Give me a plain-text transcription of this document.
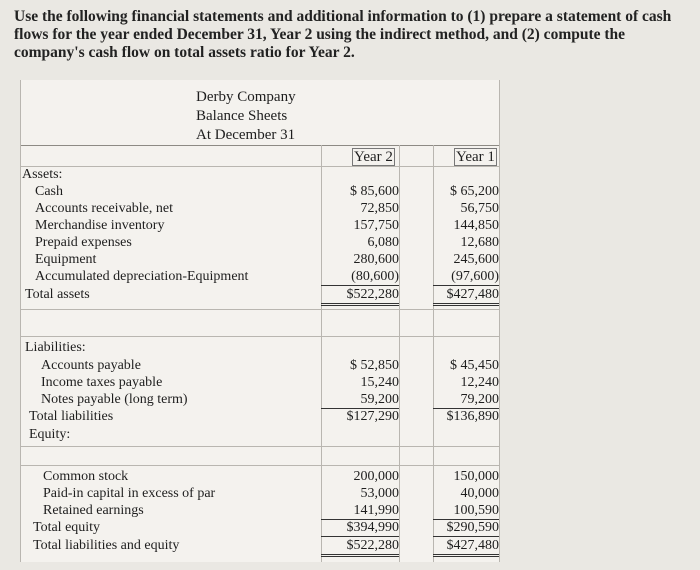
Use the following financial statements and additional information to (1) prepare a statement of cash flows for the year ended December 31, Year 2 using the indirect method, and (2) compute the company's cash flow on total assets ratio for Year 2.
Derby Company
Balance Sheets
At December 31
Year 2	Year 1
Assets:
Cash	$ 85,600	$ 65,200
Accounts receivable, net	72,850	56,750
Merchandise inventory	157,750	144,850
Prepaid expenses	6,080	12,680
Equipment	280,600	245,600
Accumulated depreciation-Equipment	(80,600)	(97,600)
Total assets	$522,280	$427,480
Liabilities:
Accounts payable	$ 52,850	$ 45,450
Income taxes payable	15,240	12,240
Notes payable (long term)	59,200	79,200
Total liabilities	$127,290	$136,890
Equity:
Common stock	200,000	150,000
Paid-in capital in excess of par	53,000	40,000
Retained earnings	141,990	100,590
Total equity	$394,990	$290,590
Total liabilities and equity	$522,280	$427,480
